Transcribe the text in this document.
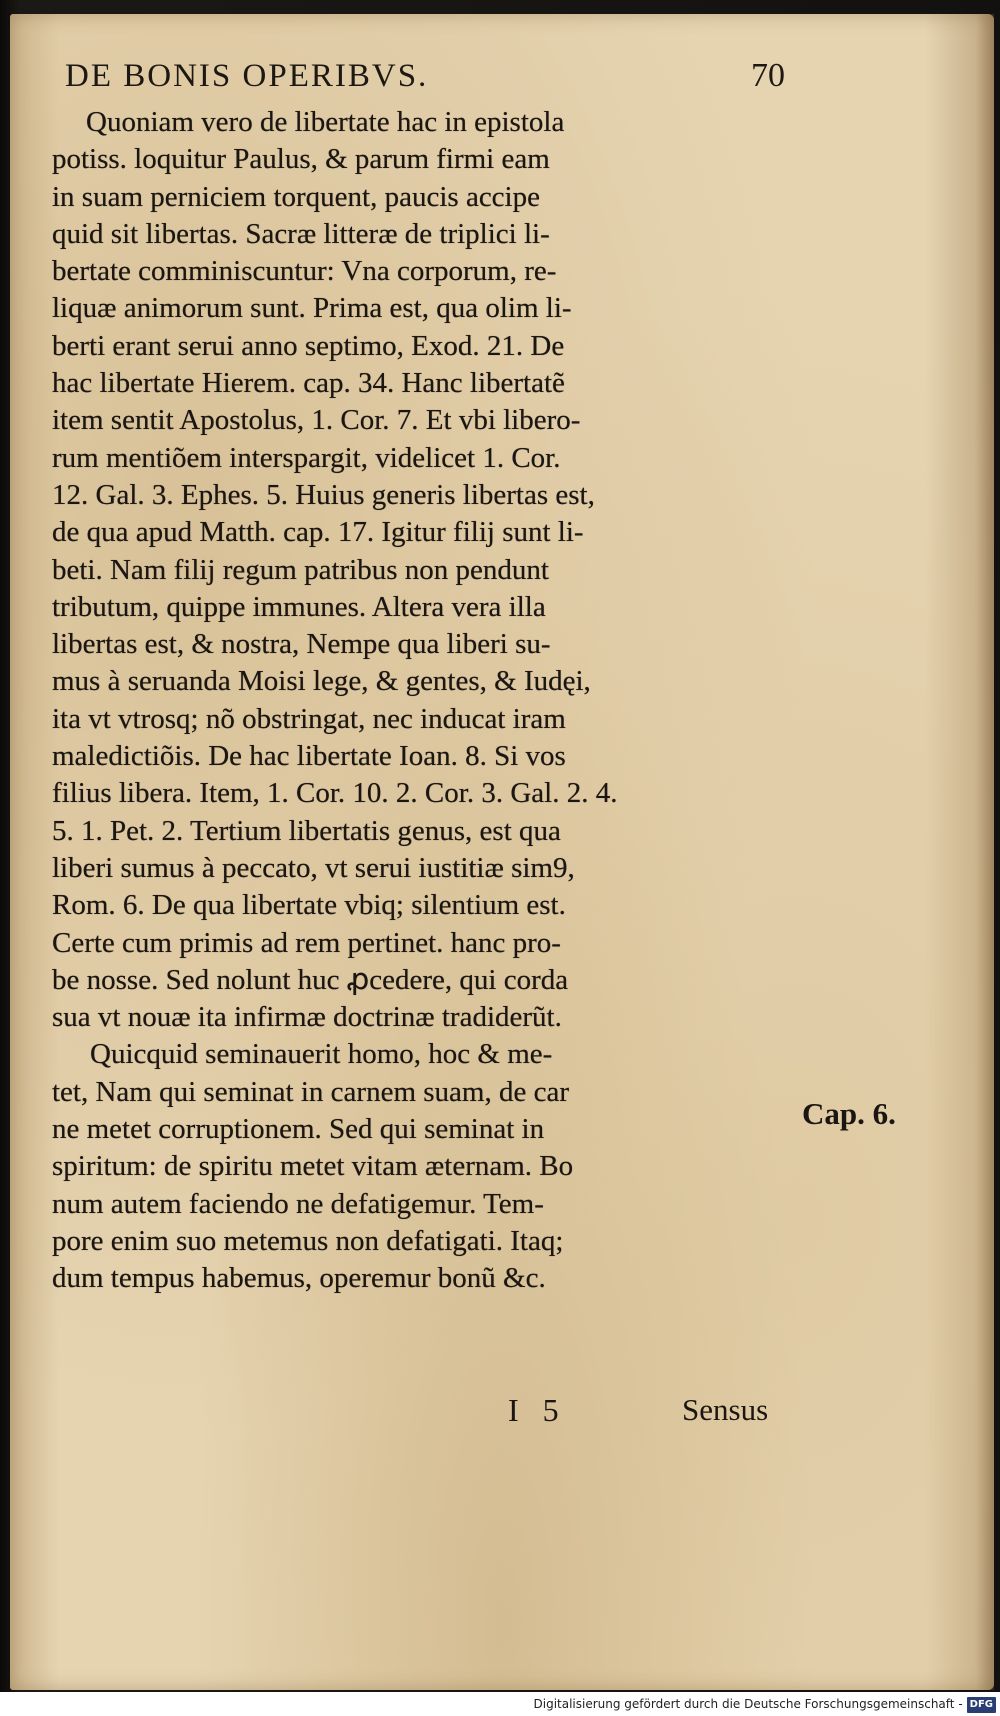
DE BONIS OPERIBVS.	70
Quoniam vero de libertate hac in epistola
potiss. loquitur Paulus, & parum firmi eam
in suam perniciem torquent, paucis accipe
quid sit libertas. Sacræ litteræ de triplici li-
bertate comminiscuntur: Vna corporum, re-
liquæ animorum sunt. Prima est, qua olim li-
berti erant serui anno septimo, Exod. 21. De
hac libertate Hierem. cap. 34. Hanc libertatẽ
item sentit Apostolus, 1. Cor. 7. Et vbi libero-
rum mentiõem interspargit, videlicet 1. Cor.
12. Gal. 3. Ephes. 5. Huius generis libertas est,
de qua apud Matth. cap. 17. Igitur filij sunt li-
beti. Nam filij regum patribus non pendunt
tributum, quippe immunes. Altera vera illa
libertas est, & nostra, Nempe qua liberi su-
mus à seruanda Moisi lege, & gentes, & Iudęi,
ita vt vtrosq; nõ obstringat, nec inducat iram
maledictiõis. De hac libertate Ioan. 8. Si vos
filius libera. Item, 1. Cor. 10. 2. Cor. 3. Gal. 2. 4.
5. 1. Pet. 2. Tertium libertatis genus, est qua
liberi sumus à peccato, vt serui iustitiæ sim9,
Rom. 6. De qua libertate vbiq; silentium est.
Certe cum primis ad rem pertinet. hanc pro-
be nosse. Sed nolunt huc ꝓcedere, qui corda
sua vt nouæ ita infirmæ doctrinæ tradiderũt.
Quicquid seminauerit homo, hoc & me-
tet, Nam qui seminat in carnem suam, de car
ne metet corruptionem. Sed qui seminat in
spiritum: de spiritu metet vitam æternam. Bo
num autem faciendo ne defatigemur. Tem-
pore enim suo metemus non defatigati. Itaq;
dum tempus habemus, operemur bonũ &c.
Cap. 6.
I 5	Sensus
Digitalisierung gefördert durch die Deutsche Forschungsgemeinschaft - DFG
